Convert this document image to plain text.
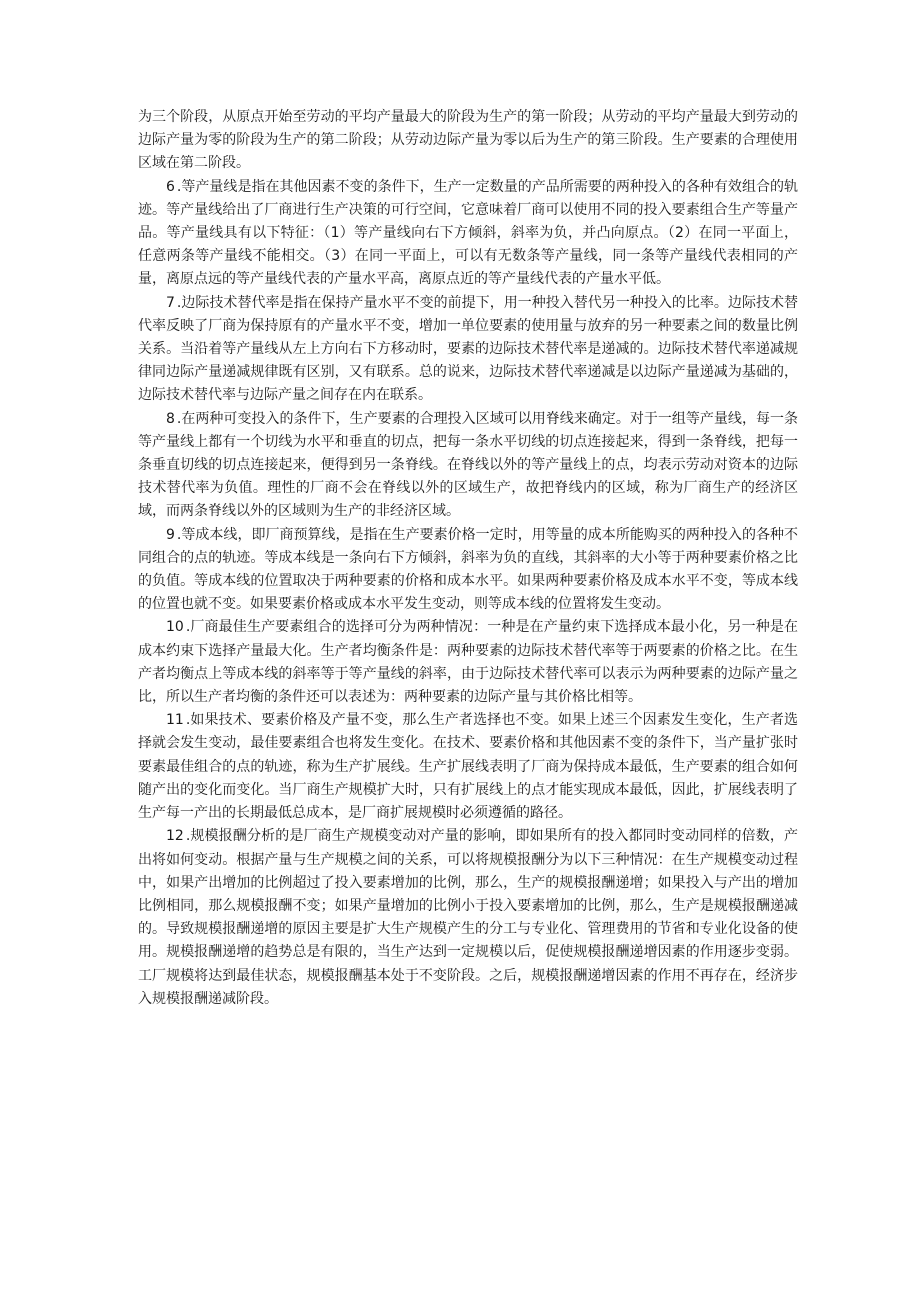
为三个阶段，从原点开始至劳动的平均产量最大的阶段为生产的第一阶段；从劳动的平均产量最大到劳动的边际产量为零的阶段为生产的第二阶段；从劳动边际产量为零以后为生产的第三阶段。生产要素的合理使用区域在第二阶段。

6 .等产量线是指在其他因素不变的条件下，生产一定数量的产品所需要的两种投入的各种有效组合的轨迹。等产量线给出了厂商进行生产决策的可行空间，它意味着厂商可以使用不同的投入要素组合生产等量产品。等产量线具有以下特征：（1）等产量线向右下方倾斜，斜率为负，并凸向原点。（2）在同一平面上，任意两条等产量线不能相交。（3）在同一平面上，可以有无数条等产量线，同一条等产量线代表相同的产量，离原点远的等产量线代表的产量水平高，离原点近的等产量线代表的产量水平低。

7 .边际技术替代率是指在保持产量水平不变的前提下，用一种投入替代另一种投入的比率。边际技术替代率反映了厂商为保持原有的产量水平不变，增加一单位要素的使用量与放弃的另一种要素之间的数量比例关系。当沿着等产量线从左上方向右下方移动时，要素的边际技术替代率是递减的。边际技术替代率递减规律同边际产量递减规律既有区别，又有联系。总的说来，边际技术替代率递减是以边际产量递减为基础的，边际技术替代率与边际产量之间存在内在联系。

8 .在两种可变投入的条件下，生产要素的合理投入区域可以用脊线来确定。对于一组等产量线，每一条等产量线上都有一个切线为水平和垂直的切点，把每一条水平切线的切点连接起来，得到一条脊线，把每一条垂直切线的切点连接起来，便得到另一条脊线。在脊线以外的等产量线上的点，均表示劳动对资本的边际技术替代率为负值。理性的厂商不会在脊线以外的区域生产，故把脊线内的区域，称为厂商生产的经济区域，而两条脊线以外的区域则为生产的非经济区域。

9 .等成本线，即厂商预算线，是指在生产要素价格一定时，用等量的成本所能购买的两种投入的各种不同组合的点的轨迹。等成本线是一条向右下方倾斜，斜率为负的直线，其斜率的大小等于两种要素价格之比的负值。等成本线的位置取决于两种要素的价格和成本水平。如果两种要素价格及成本水平不变，等成本线的位置也就不变。如果要素价格或成本水平发生变动，则等成本线的位置将发生变动。

10 .厂商最佳生产要素组合的选择可分为两种情况：一种是在产量约束下选择成本最小化，另一种是在成本约束下选择产量最大化。生产者均衡条件是：两种要素的边际技术替代率等于两要素的价格之比。在生产者均衡点上等成本线的斜率等于等产量线的斜率，由于边际技术替代率可以表示为两种要素的边际产量之比，所以生产者均衡的条件还可以表述为：两种要素的边际产量与其价格比相等。

11 .如果技术、要素价格及产量不变，那么生产者选择也不变。如果上述三个因素发生变化，生产者选择就会发生变动，最佳要素组合也将发生变化。在技术、要素价格和其他因素不变的条件下，当产量扩张时要素最佳组合的点的轨迹，称为生产扩展线。生产扩展线表明了厂商为保持成本最低，生产要素的组合如何随产出的变化而变化。当厂商生产规模扩大时，只有扩展线上的点才能实现成本最低，因此，扩展线表明了生产每一产出的长期最低总成本，是厂商扩展规模时必须遵循的路径。

12 .规模报酬分析的是厂商生产规模变动对产量的影响，即如果所有的投入都同时变动同样的倍数，产出将如何变动。根据产量与生产规模之间的关系，可以将规模报酬分为以下三种情况：在生产规模变动过程中，如果产出增加的比例超过了投入要素增加的比例，那么，生产的规模报酬递增；如果投入与产出的增加比例相同，那么规模报酬不变；如果产量增加的比例小于投入要素增加的比例，那么，生产是规模报酬递减的。导致规模报酬递增的原因主要是扩大生产规模产生的分工与专业化、管理费用的节省和专业化设备的使用。规模报酬递增的趋势总是有限的，当生产达到一定规模以后，促使规模报酬递增因素的作用逐步变弱。工厂规模将达到最佳状态，规模报酬基本处于不变阶段。之后，规模报酬递增因素的作用不再存在，经济步入规模报酬递减阶段。
